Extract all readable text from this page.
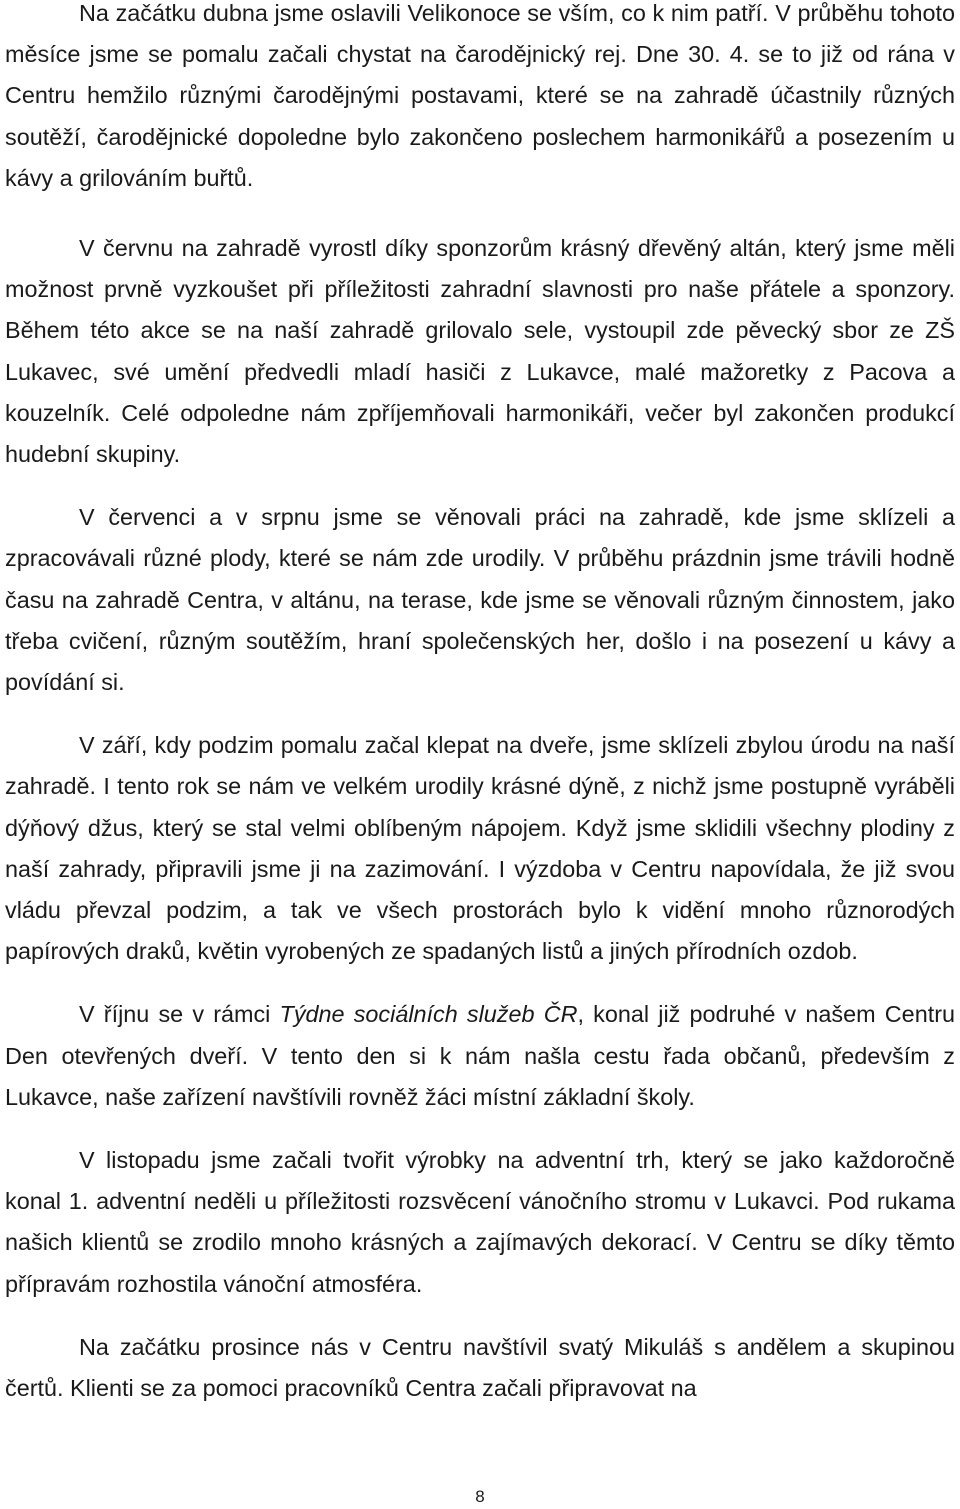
Na začátku dubna jsme oslavili Velikonoce se vším, co k nim patří. V průběhu tohoto měsíce jsme se pomalu začali chystat na čarodějnický rej. Dne 30. 4. se to již od rána v Centru hemžilo různými čarodějnými postavami, které se na zahradě účastnily různých soutěží, čarodějnické dopoledne bylo zakončeno poslechem harmonikářů a posezením u kávy a grilováním buřtů.

V červnu na zahradě vyrostl díky sponzorům krásný dřevěný altán, který jsme měli možnost prvně vyzkoušet při příležitosti zahradní slavnosti pro naše přátele a sponzory. Během této akce se na naší zahradě grilovalo sele, vystoupil zde pěvecký sbor ze ZŠ Lukavec, své umění předvedli mladí hasiči z Lukavce, malé mažoretky z Pacova a kouzelník. Celé odpoledne nám zpříjemňovali harmonikáři, večer byl zakončen produkcí hudební skupiny.

V červenci a v srpnu jsme se věnovali práci na zahradě, kde jsme sklízeli a zpracovávali různé plody, které se nám zde urodily. V průběhu prázdnin jsme trávili hodně času na zahradě Centra, v altánu, na terase, kde jsme se věnovali různým činnostem, jako třeba cvičení, různým soutěžím, hraní společenských her, došlo i na posezení u kávy a povídání si.

V září, kdy podzim pomalu začal klepat na dveře, jsme sklízeli zbylou úrodu na naší zahradě. I tento rok se nám ve velkém urodily krásné dýně, z nichž jsme postupně vyráběli dýňový džus, který se stal velmi oblíbeným nápojem. Když jsme sklidili všechny plodiny z naší zahrady, připravili jsme ji na zazimování. I výzdoba v Centru napovídala, že již svou vládu převzal podzim, a tak ve všech prostorách bylo k vidění mnoho různorodých papírových draků, květin vyrobených ze spadaných listů a jiných přírodních ozdob.

V říjnu se v rámci Týdne sociálních služeb ČR, konal již podruhé v našem Centru Den otevřených dveří. V tento den si k nám našla cestu řada občanů, především z Lukavce, naše zařízení navštívili rovněž žáci místní základní školy.

V listopadu jsme začali tvořit výrobky na adventní trh, který se jako každoročně konal 1. adventní neděli u příležitosti rozsvěcení vánočního stromu v Lukavci. Pod rukama našich klientů se zrodilo mnoho krásných a zajímavých dekorací. V Centru se díky těmto přípravám rozhostila vánoční atmosféra.

Na začátku prosince nás v Centru navštívil svatý Mikuláš s andělem a skupinou čertů. Klienti se za pomoci pracovníků Centra začali připravovat na

8
